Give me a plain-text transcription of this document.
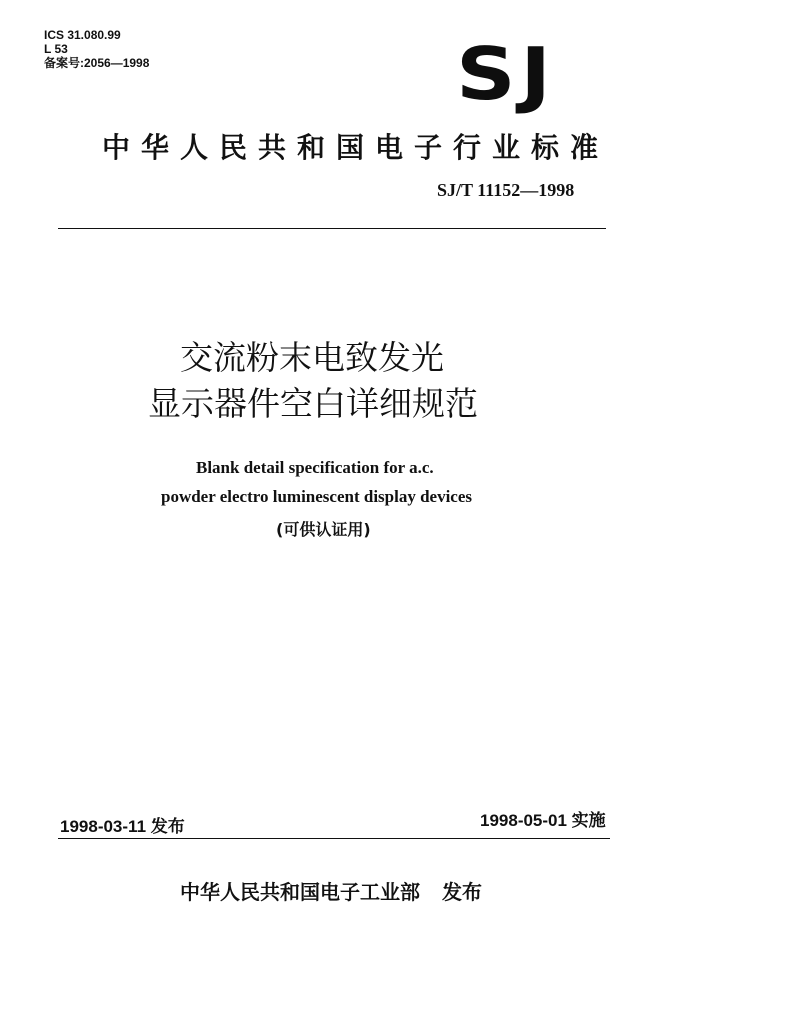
ICS 31.080.99
L 53
备案号:2056—1998	SJ
中华人民共和国电子行业标准
SJ/T 11152—1998
交流粉末电致发光
显示器件空白详细规范
Blank detail specification for a.c.
powder electro luminescent display devices
(可供认证用)
1998-03-11 发布	1998-05-01 实施
中华人民共和国电子工业部 发布
